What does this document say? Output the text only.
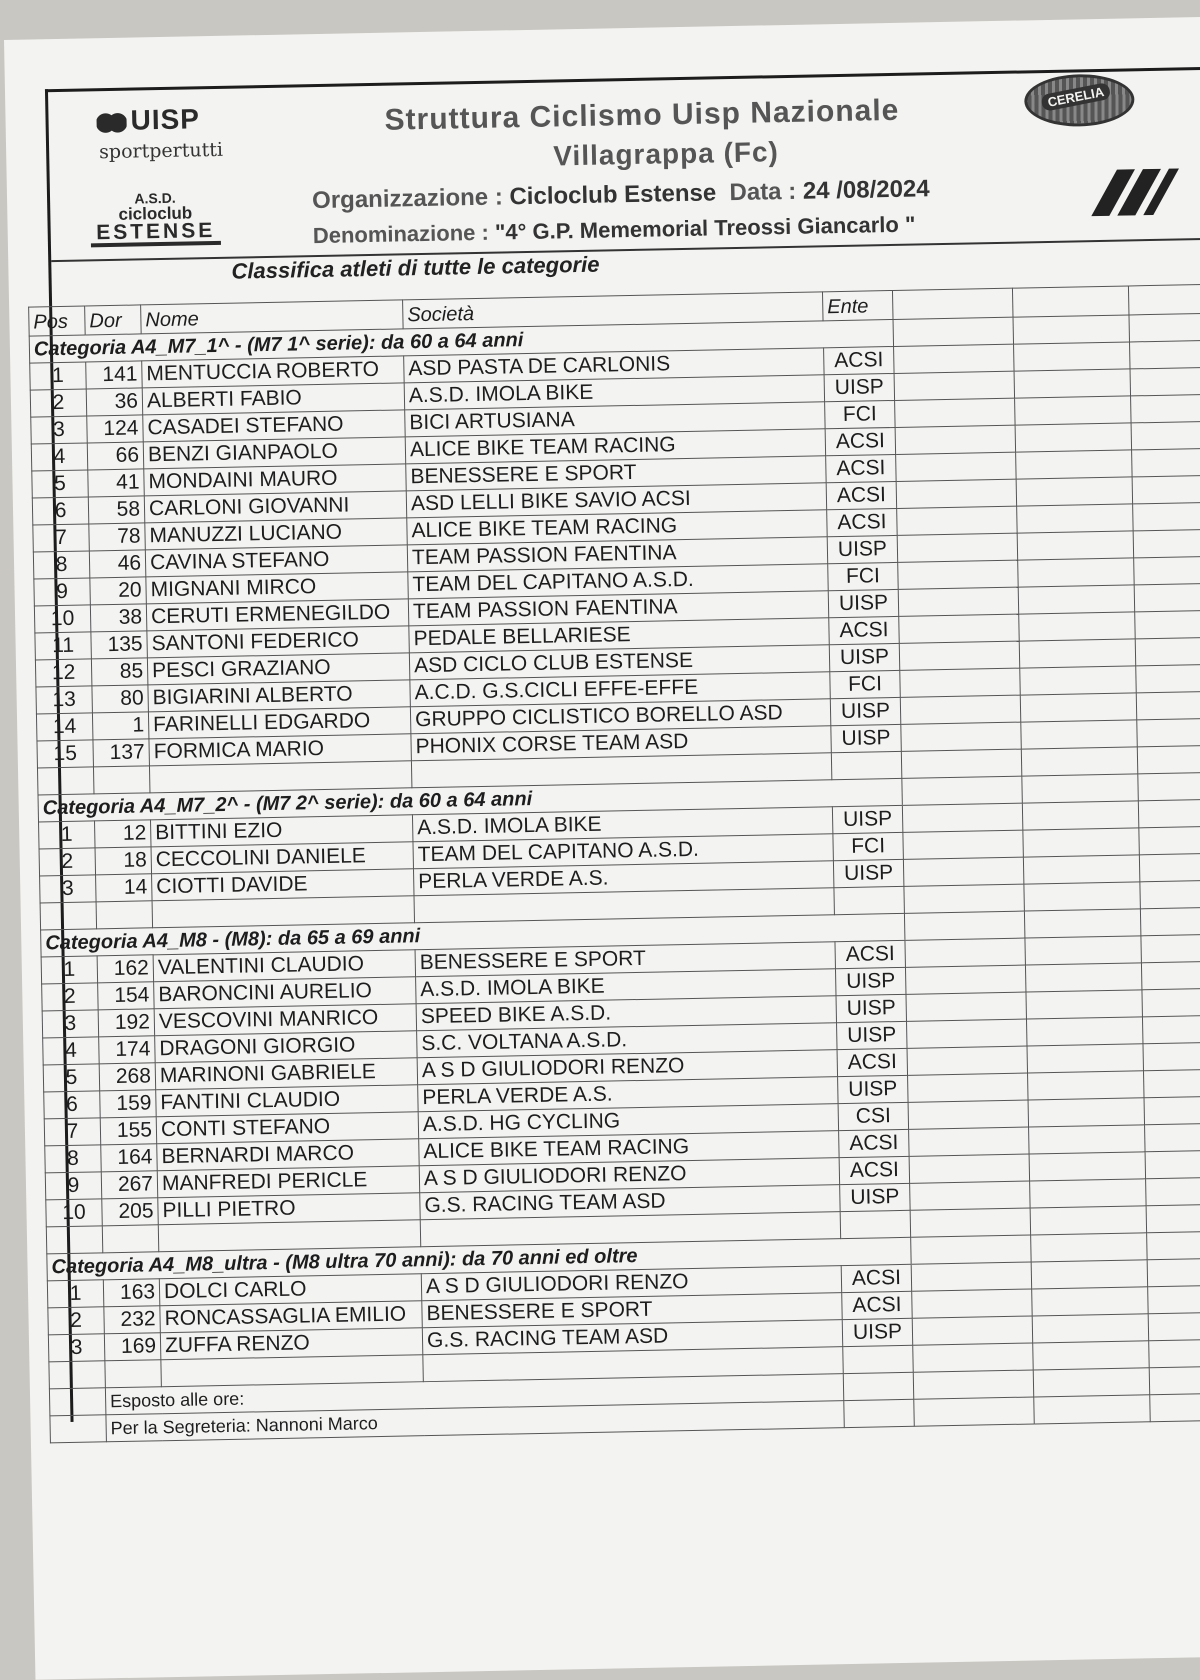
UISP
sportpertutti
A.S.D.
cicloclub
ESTENSE
Struttura Ciclismo Uisp Nazionale
Villagrappa (Fc)
Organizzazione : Cicloclub Estense Data : 24 /08/2024
Denominazione : "4° G.P. Mememorial Treossi Giancarlo "
CERELIA
Classifica atleti di tutte le categorie
Pos	Dor	Nome	Società	Ente			
Categoria A4_M7_1^ - (M7 1^ serie): da 60 a 64 anni							
1	141	MENTUCCIA ROBERTO	ASD PASTA DE CARLONIS	ACSI			
2	36	ALBERTI FABIO	A.S.D. IMOLA BIKE	UISP			
3	124	CASADEI STEFANO	BICI ARTUSIANA	FCI			
4	66	BENZI GIANPAOLO	ALICE BIKE TEAM RACING	ACSI			
5	41	MONDAINI MAURO	BENESSERE E SPORT	ACSI			
6	58	CARLONI GIOVANNI	ASD LELLI BIKE SAVIO ACSI	ACSI			
7	78	MANUZZI LUCIANO	ALICE BIKE TEAM RACING	ACSI			
8	46	CAVINA STEFANO	TEAM PASSION FAENTINA	UISP			
9	20	MIGNANI MIRCO	TEAM DEL CAPITANO A.S.D.	FCI			
10	38	CERUTI ERMENEGILDO	TEAM PASSION FAENTINA	UISP			
11	135	SANTONI FEDERICO	PEDALE BELLARIESE	ACSI			
12	85	PESCI GRAZIANO	ASD CICLO CLUB ESTENSE	UISP			
13	80	BIGIARINI ALBERTO	A.C.D. G.S.CICLI EFFE-EFFE	FCI			
14	1	FARINELLI EDGARDO	GRUPPO CICLISTICO BORELLO ASD	UISP			
15	137	FORMICA MARIO	PHONIX CORSE TEAM ASD	UISP			

Categoria A4_M7_2^ - (M7 2^ serie): da 60 a 64 anni							
1	12	BITTINI EZIO	A.S.D. IMOLA BIKE	UISP			
2	18	CECCOLINI DANIELE	TEAM DEL CAPITANO A.S.D.	FCI			
3	14	CIOTTI DAVIDE	PERLA VERDE A.S.	UISP			

Categoria A4_M8 - (M8): da 65 a 69 anni							
1	162	VALENTINI CLAUDIO	BENESSERE E SPORT	ACSI			
2	154	BARONCINI AURELIO	A.S.D. IMOLA BIKE	UISP			
3	192	VESCOVINI MANRICO	SPEED BIKE A.S.D.	UISP			
4	174	DRAGONI GIORGIO	S.C. VOLTANA A.S.D.	UISP			
5	268	MARINONI GABRIELE	A S D GIULIODORI RENZO	ACSI			
6	159	FANTINI CLAUDIO	PERLA VERDE A.S.	UISP			
7	155	CONTI STEFANO	A.S.D. HG CYCLING	CSI			
8	164	BERNARDI MARCO	ALICE BIKE TEAM RACING	ACSI			
9	267	MANFREDI PERICLE	A S D GIULIODORI RENZO	ACSI			
10	205	PILLI PIETRO	G.S. RACING TEAM ASD	UISP			

Categoria A4_M8_ultra - (M8 ultra 70 anni): da 70 anni ed oltre							
1	163	DOLCI CARLO	A S D GIULIODORI RENZO	ACSI			
2	232	RONCASSAGLIA EMILIO	BENESSERE E SPORT	ACSI			
3	169	ZUFFA RENZO	G.S. RACING TEAM ASD	UISP			

	Esposto alle ore:						
	Per la Segreteria: Nannoni Marco						
